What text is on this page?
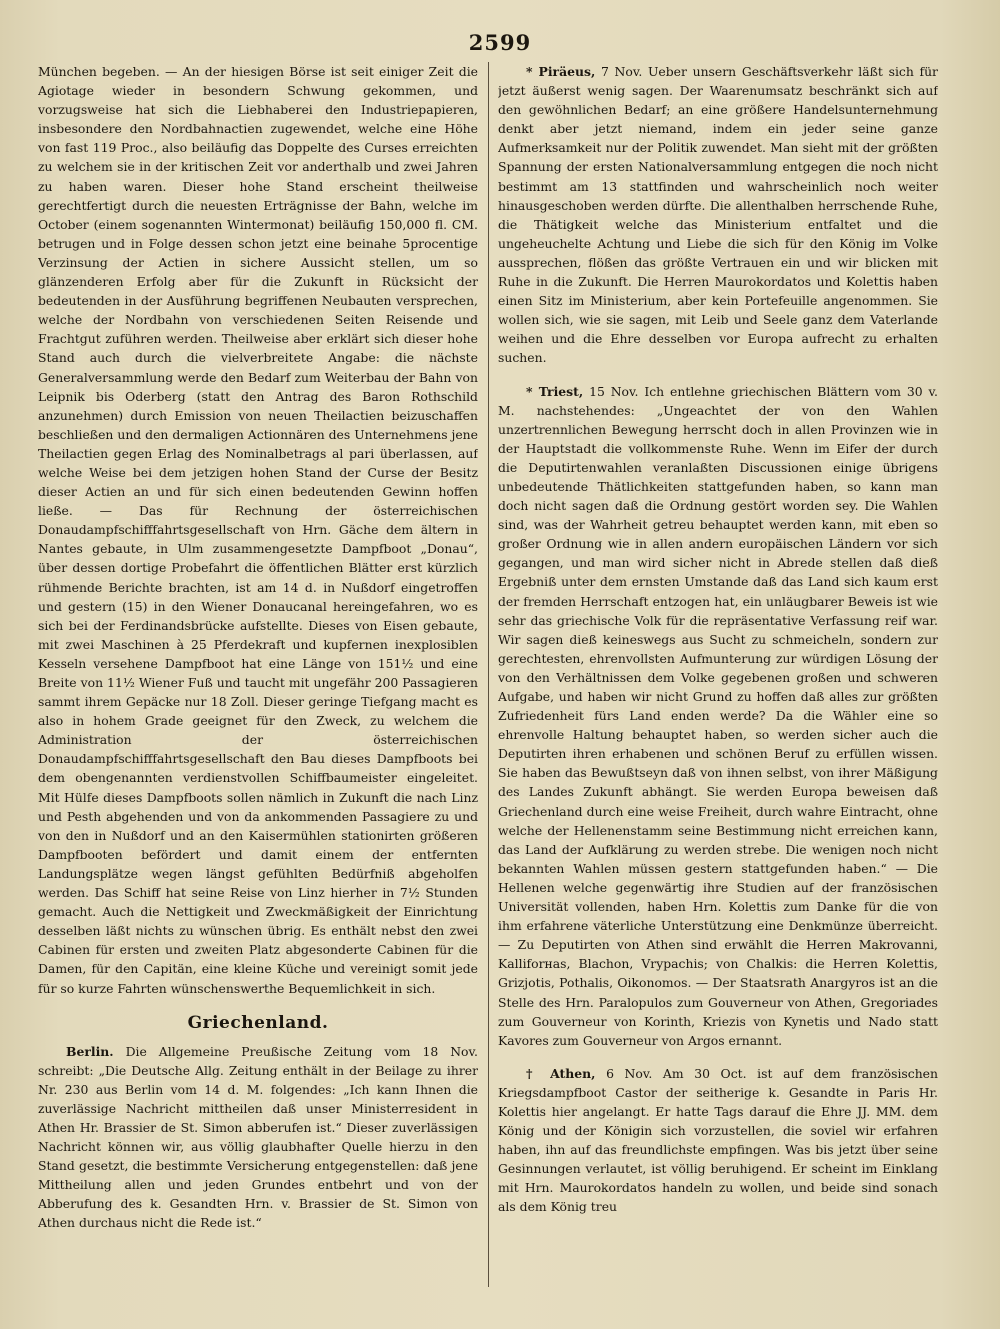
2599

München begeben. — An der hiesigen Börse ist seit einiger Zeit die Agiotage wieder in besondern Schwung gekommen, und vorzugsweise hat sich die Liebhaberei den Industriepapieren, insbesondere den Nordbahnactien zugewendet, welche eine Höhe von fast 119 Proc., also beiläufig das Doppelte des Curses erreichten zu welchem sie in der kritischen Zeit vor anderthalb und zwei Jahren zu haben waren. Dieser hohe Stand erscheint theilweise gerechtfertigt durch die neuesten Erträgnisse der Bahn, welche im October (einem sogenannten Wintermonat) beiläufig 150,000 fl. CM. betrugen und in Folge dessen schon jetzt eine beinahe 5procentige Verzinsung der Actien in sichere Aussicht stellen, um so glänzenderen Erfolg aber für die Zukunft in Rücksicht der bedeutenden in der Ausführung begriffenen Neubauten versprechen, welche der Nordbahn von verschiedenen Seiten Reisende und Frachtgut zuführen werden. Theilweise aber erklärt sich dieser hohe Stand auch durch die vielverbreitete Angabe: die nächste Generalversammlung werde den Bedarf zum Weiterbau der Bahn von Leipnik bis Oderberg (statt den Antrag des Baron Rothschild anzunehmen) durch Emission von neuen Theilactien beizuschaffen beschließen und den dermaligen Actionnären des Unternehmens jene Theilactien gegen Erlag des Nominalbetrags al pari überlassen, auf welche Weise bei dem jetzigen hohen Stand der Curse der Besitz dieser Actien an und für sich einen bedeutenden Gewinn hoffen ließe. — Das für Rechnung der österreichischen Donaudampfschifffahrtsgesellschaft von Hrn. Gäche dem ältern in Nantes gebaute, in Ulm zusammengesetzte Dampfboot „Donau“, über dessen dortige Probefahrt die öffentlichen Blätter erst kürzlich rühmende Berichte brachten, ist am 14 d. in Nußdorf eingetroffen und gestern (15) in den Wiener Donaucanal hereingefahren, wo es sich bei der Ferdinandsbrücke aufstellte. Dieses von Eisen gebaute, mit zwei Maschinen à 25 Pferdekraft und kupfernen inexplosiblen Kesseln versehene Dampfboot hat eine Länge von 151½ und eine Breite von 11½ Wiener Fuß und taucht mit ungefähr 200 Passagieren sammt ihrem Gepäcke nur 18 Zoll. Dieser geringe Tiefgang macht es also in hohem Grade geeignet für den Zweck, zu welchem die Administration der österreichischen Donaudampfschifffahrtsgesellschaft den Bau dieses Dampfboots bei dem obengenannten verdienstvollen Schiffbaumeister eingeleitet. Mit Hülfe dieses Dampfboots sollen nämlich in Zukunft die nach Linz und Pesth abgehenden und von da ankommenden Passagiere zu und von den in Nußdorf und an den Kaisermühlen stationirten größeren Dampfbooten befördert und damit einem der entfernten Landungsplätze wegen längst gefühlten Bedürfniß abgeholfen werden. Das Schiff hat seine Reise von Linz hierher in 7½ Stunden gemacht. Auch die Nettigkeit und Zweckmäßigkeit der Einrichtung desselben läßt nichts zu wünschen übrig. Es enthält nebst den zwei Cabinen für ersten und zweiten Platz abgesonderte Cabinen für die Damen, für den Capitän, eine kleine Küche und vereinigt somit jede für so kurze Fahrten wünschenswerthe Bequemlichkeit in sich.

Griechenland.

Berlin. Die Allgemeine Preußische Zeitung vom 18 Nov. schreibt: „Die Deutsche Allg. Zeitung enthält in der Beilage zu ihrer Nr. 230 aus Berlin vom 14 d. M. folgendes: „Ich kann Ihnen die zuverlässige Nachricht mittheilen daß unser Ministerresident in Athen Hr. Brassier de St. Simon abberufen ist.“ Dieser zuverlässigen Nachricht können wir, aus völlig glaubhafter Quelle hierzu in den Stand gesetzt, die bestimmte Versicherung entgegenstellen: daß jene Mittheilung allen und jeden Grundes entbehrt und von der Abberufung des k. Gesandten Hrn. v. Brassier de St. Simon von Athen durchaus nicht die Rede ist.“

* Piräeus, 7 Nov. Ueber unsern Geschäftsverkehr läßt sich für jetzt äußerst wenig sagen. Der Waarenumsatz beschränkt sich auf den gewöhnlichen Bedarf; an eine größere Handelsunternehmung denkt aber jetzt niemand, indem ein jeder seine ganze Aufmerksamkeit nur der Politik zuwendet. Man sieht mit der größten Spannung der ersten Nationalversammlung entgegen die noch nicht bestimmt am 13 stattfinden und wahrscheinlich noch weiter hinausgeschoben werden dürfte. Die allenthalben herrschende Ruhe, die Thätigkeit welche das Ministerium entfaltet und die ungeheuchelte Achtung und Liebe die sich für den König im Volke aussprechen, flößen das größte Vertrauen ein und wir blicken mit Ruhe in die Zukunft. Die Herren Maurokordatos und Kolettis haben einen Sitz im Ministerium, aber kein Portefeuille angenommen. Sie wollen sich, wie sie sagen, mit Leib und Seele ganz dem Vaterlande weihen und die Ehre desselben vor Europa aufrecht zu erhalten suchen.

* Triest, 15 Nov. Ich entlehne griechischen Blättern vom 30 v. M. nachstehendes: „Ungeachtet der von den Wahlen unzertrennlichen Bewegung herrscht doch in allen Provinzen wie in der Hauptstadt die vollkommenste Ruhe. Wenn im Eifer der durch die Deputirtenwahlen veranlaßten Discussionen einige übrigens unbedeutende Thätlichkeiten stattgefunden haben, so kann man doch nicht sagen daß die Ordnung gestört worden sey. Die Wahlen sind, was der Wahrheit getreu behauptet werden kann, mit eben so großer Ordnung wie in allen andern europäischen Ländern vor sich gegangen, und man wird sicher nicht in Abrede stellen daß dieß Ergebniß unter dem ernsten Umstande daß das Land sich kaum erst der fremden Herrschaft entzogen hat, ein unläugbarer Beweis ist wie sehr das griechische Volk für die repräsentative Verfassung reif war. Wir sagen dieß keineswegs aus Sucht zu schmeicheln, sondern zur gerechtesten, ehrenvollsten Aufmunterung zur würdigen Lösung der von den Verhältnissen dem Volke gegebenen großen und schweren Aufgabe, und haben wir nicht Grund zu hoffen daß alles zur größten Zufriedenheit fürs Land enden werde? Da die Wähler eine so ehrenvolle Haltung behauptet haben, so werden sicher auch die Deputirten ihren erhabenen und schönen Beruf zu erfüllen wissen. Sie haben das Bewußtseyn daß von ihnen selbst, von ihrer Mäßigung des Landes Zukunft abhängt. Sie werden Europa beweisen daß Griechenland durch eine weise Freiheit, durch wahre Eintracht, ohne welche der Hellenenstamm seine Bestimmung nicht erreichen kann, das Land der Aufklärung zu werden strebe. Die wenigen noch nicht bekannten Wahlen müssen gestern stattgefunden haben.“ — Die Hellenen welche gegenwärtig ihre Studien auf der französischen Universität vollenden, haben Hrn. Kolettis zum Danke für die von ihm erfahrene väterliche Unterstützung eine Denkmünze überreicht. — Zu Deputirten von Athen sind erwählt die Herren Makrovanni, Kalliforнas, Blachon, Vrypachis; von Chalkis: die Herren Kolettis, Grizjotis, Pothalis, Oikonomos. — Der Staatsrath Anargyros ist an die Stelle des Hrn. Paralopulos zum Gouverneur von Athen, Gregoriades zum Gouverneur von Korinth, Kriezis von Kynetis und Nado statt Kavores zum Gouverneur von Argos ernannt.

† Athen, 6 Nov. Am 30 Oct. ist auf dem französischen Kriegsdampfboot Castor der seitherige k. Gesandte in Paris Hr. Kolettis hier angelangt. Er hatte Tags darauf die Ehre JJ. MM. dem König und der Königin sich vorzustellen, die soviel wir erfahren haben, ihn auf das freundlichste empfingen. Was bis jetzt über seine Gesinnungen verlautet, ist völlig beruhigend. Er scheint im Einklang mit Hrn. Maurokordatos handeln zu wollen, und beide sind sonach als dem König treu
